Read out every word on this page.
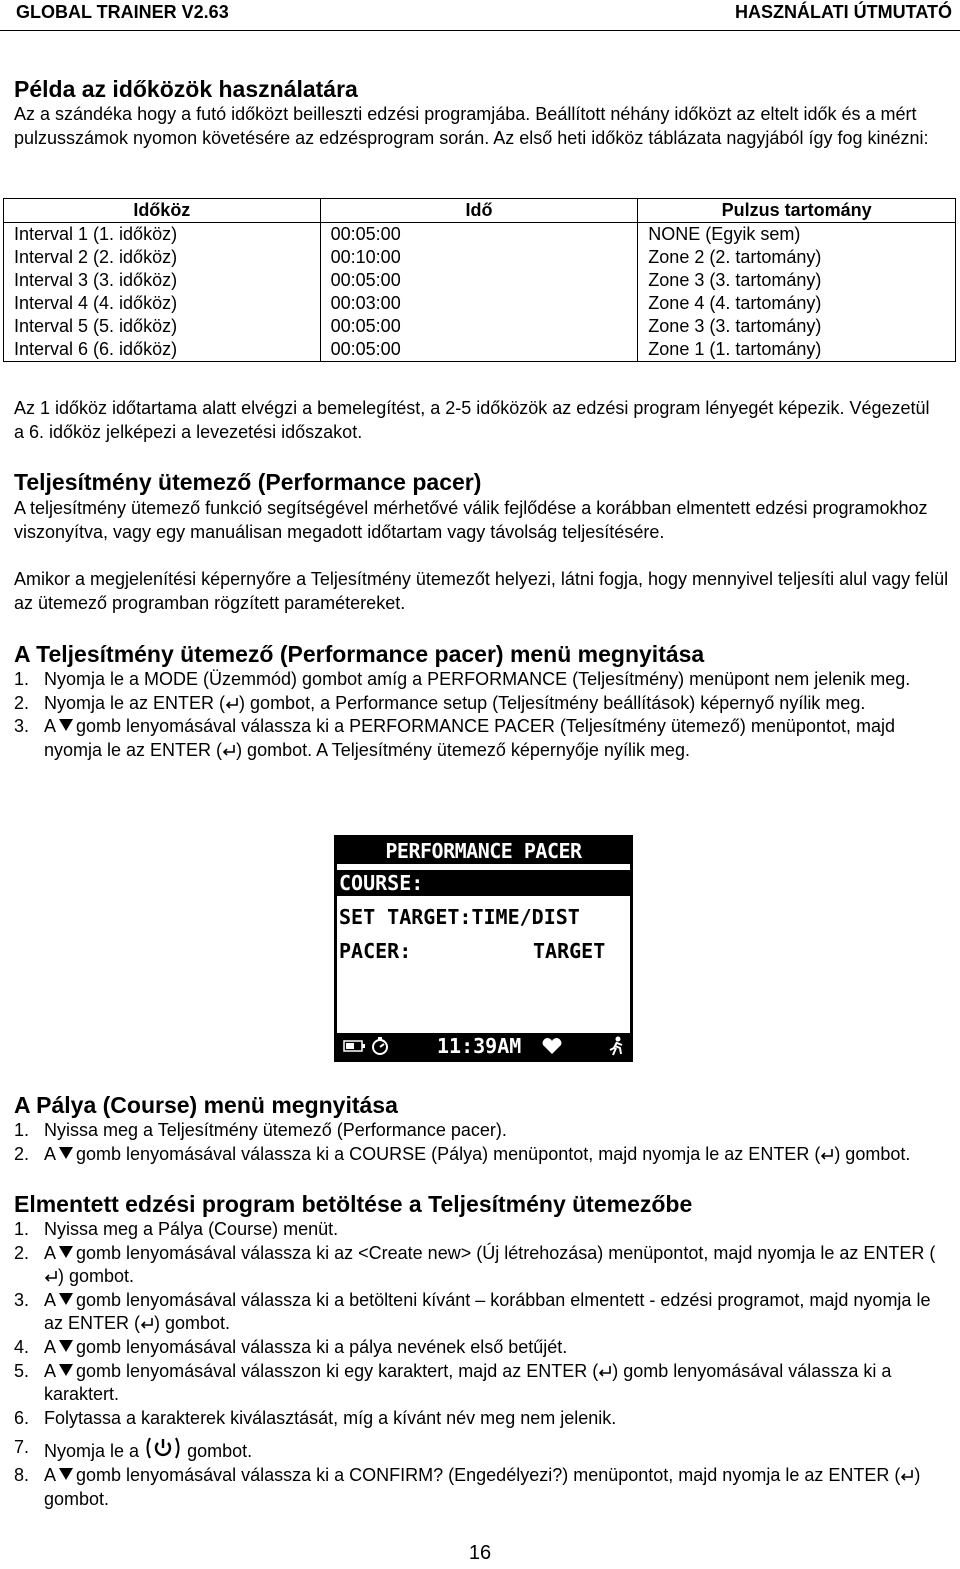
GLOBAL TRAINER V2.63	HASZNÁLATI ÚTMUTATÓ
Példa az időközök használatára
Az a szándéka hogy a futó időközt beilleszti edzési programjába. Beállított néhány időközt az eltelt idők és a mért pulzusszámok nyomon követésére az edzésprogram során. Az első heti időköz táblázata nagyjából így fog kinézni:
Időköz	Idő	Pulzus tartomány
Interval 1 (1. időköz)	00:05:00	NONE (Egyik sem)
Interval 2 (2. időköz)	00:10:00	Zone 2 (2. tartomány)
Interval 3 (3. időköz)	00:05:00	Zone 3 (3. tartomány)
Interval 4 (4. időköz)	00:03:00	Zone 4 (4. tartomány)
Interval 5 (5. időköz)	00:05:00	Zone 3 (3. tartomány)
Interval 6 (6. időköz)	00:05:00	Zone 1 (1. tartomány)
Az 1 időköz időtartama alatt elvégzi a bemelegítést, a 2-5 időközök az edzési program lényegét képezik. Végezetül a 6. időköz jelképezi a levezetési időszakot.
Teljesítmény ütemező (Performance pacer)
A teljesítmény ütemező funkció segítségével mérhetővé válik fejlődése a korábban elmentett edzési programokhoz viszonyítva, vagy egy manuálisan megadott időtartam vagy távolság teljesítésére.
Amikor a megjelenítési képernyőre a Teljesítmény ütemezőt helyezi, látni fogja, hogy mennyivel teljesíti alul vagy felül az ütemező programban rögzített paramétereket.
A Teljesítmény ütemező (Performance pacer) menü megnyitása
1. Nyomja le a MODE (Üzemmód) gombot amíg a PERFORMANCE (Teljesítmény) menüpont nem jelenik meg.
2. Nyomja le az ENTER ( ) gombot, a Performance setup (Teljesítmény beállítások) képernyő nyílik meg.
3. A gomb lenyomásával válassza ki a PERFORMANCE PACER (Teljesítmény ütemező) menüpontot, majd nyomja le az ENTER ( ) gombot. A Teljesítmény ütemező képernyője nyílik meg.
PERFORMANCE PACER
COURSE:
SET TARGET:TIME/DIST
PACER:	TARGET
11:39AM
A Pálya (Course) menü megnyitása
1. Nyissa meg a Teljesítmény ütemező (Performance pacer).
2. A gomb lenyomásával válassza ki a COURSE (Pálya) menüpontot, majd nyomja le az ENTER ( ) gombot.
Elmentett edzési program betöltése a Teljesítmény ütemezőbe
1. Nyissa meg a Pálya (Course) menüt.
2. A gomb lenyomásával válassza ki az <Create new> (Új létrehozása) menüpontot, majd nyomja le az ENTER () gombot.
3. A gomb lenyomásával válassza ki a betölteni kívánt – korábban elmentett - edzési programot, majd nyomja le az ENTER ( ) gombot.
4. A gomb lenyomásával válassza ki a pálya nevének első betűjét.
5. A gomb lenyomásával válasszon ki egy karaktert, majd az ENTER ( ) gomb lenyomásával válassza ki a karaktert.
6. Folytassa a karakterek kiválasztását, míg a kívánt név meg nem jelenik.
7. Nyomja le a	gombot.
8. A gomb lenyomásával válassza ki a CONFIRM? (Engedélyezi?) menüpontot, majd nyomja le az ENTER ( ) gombot.
16
